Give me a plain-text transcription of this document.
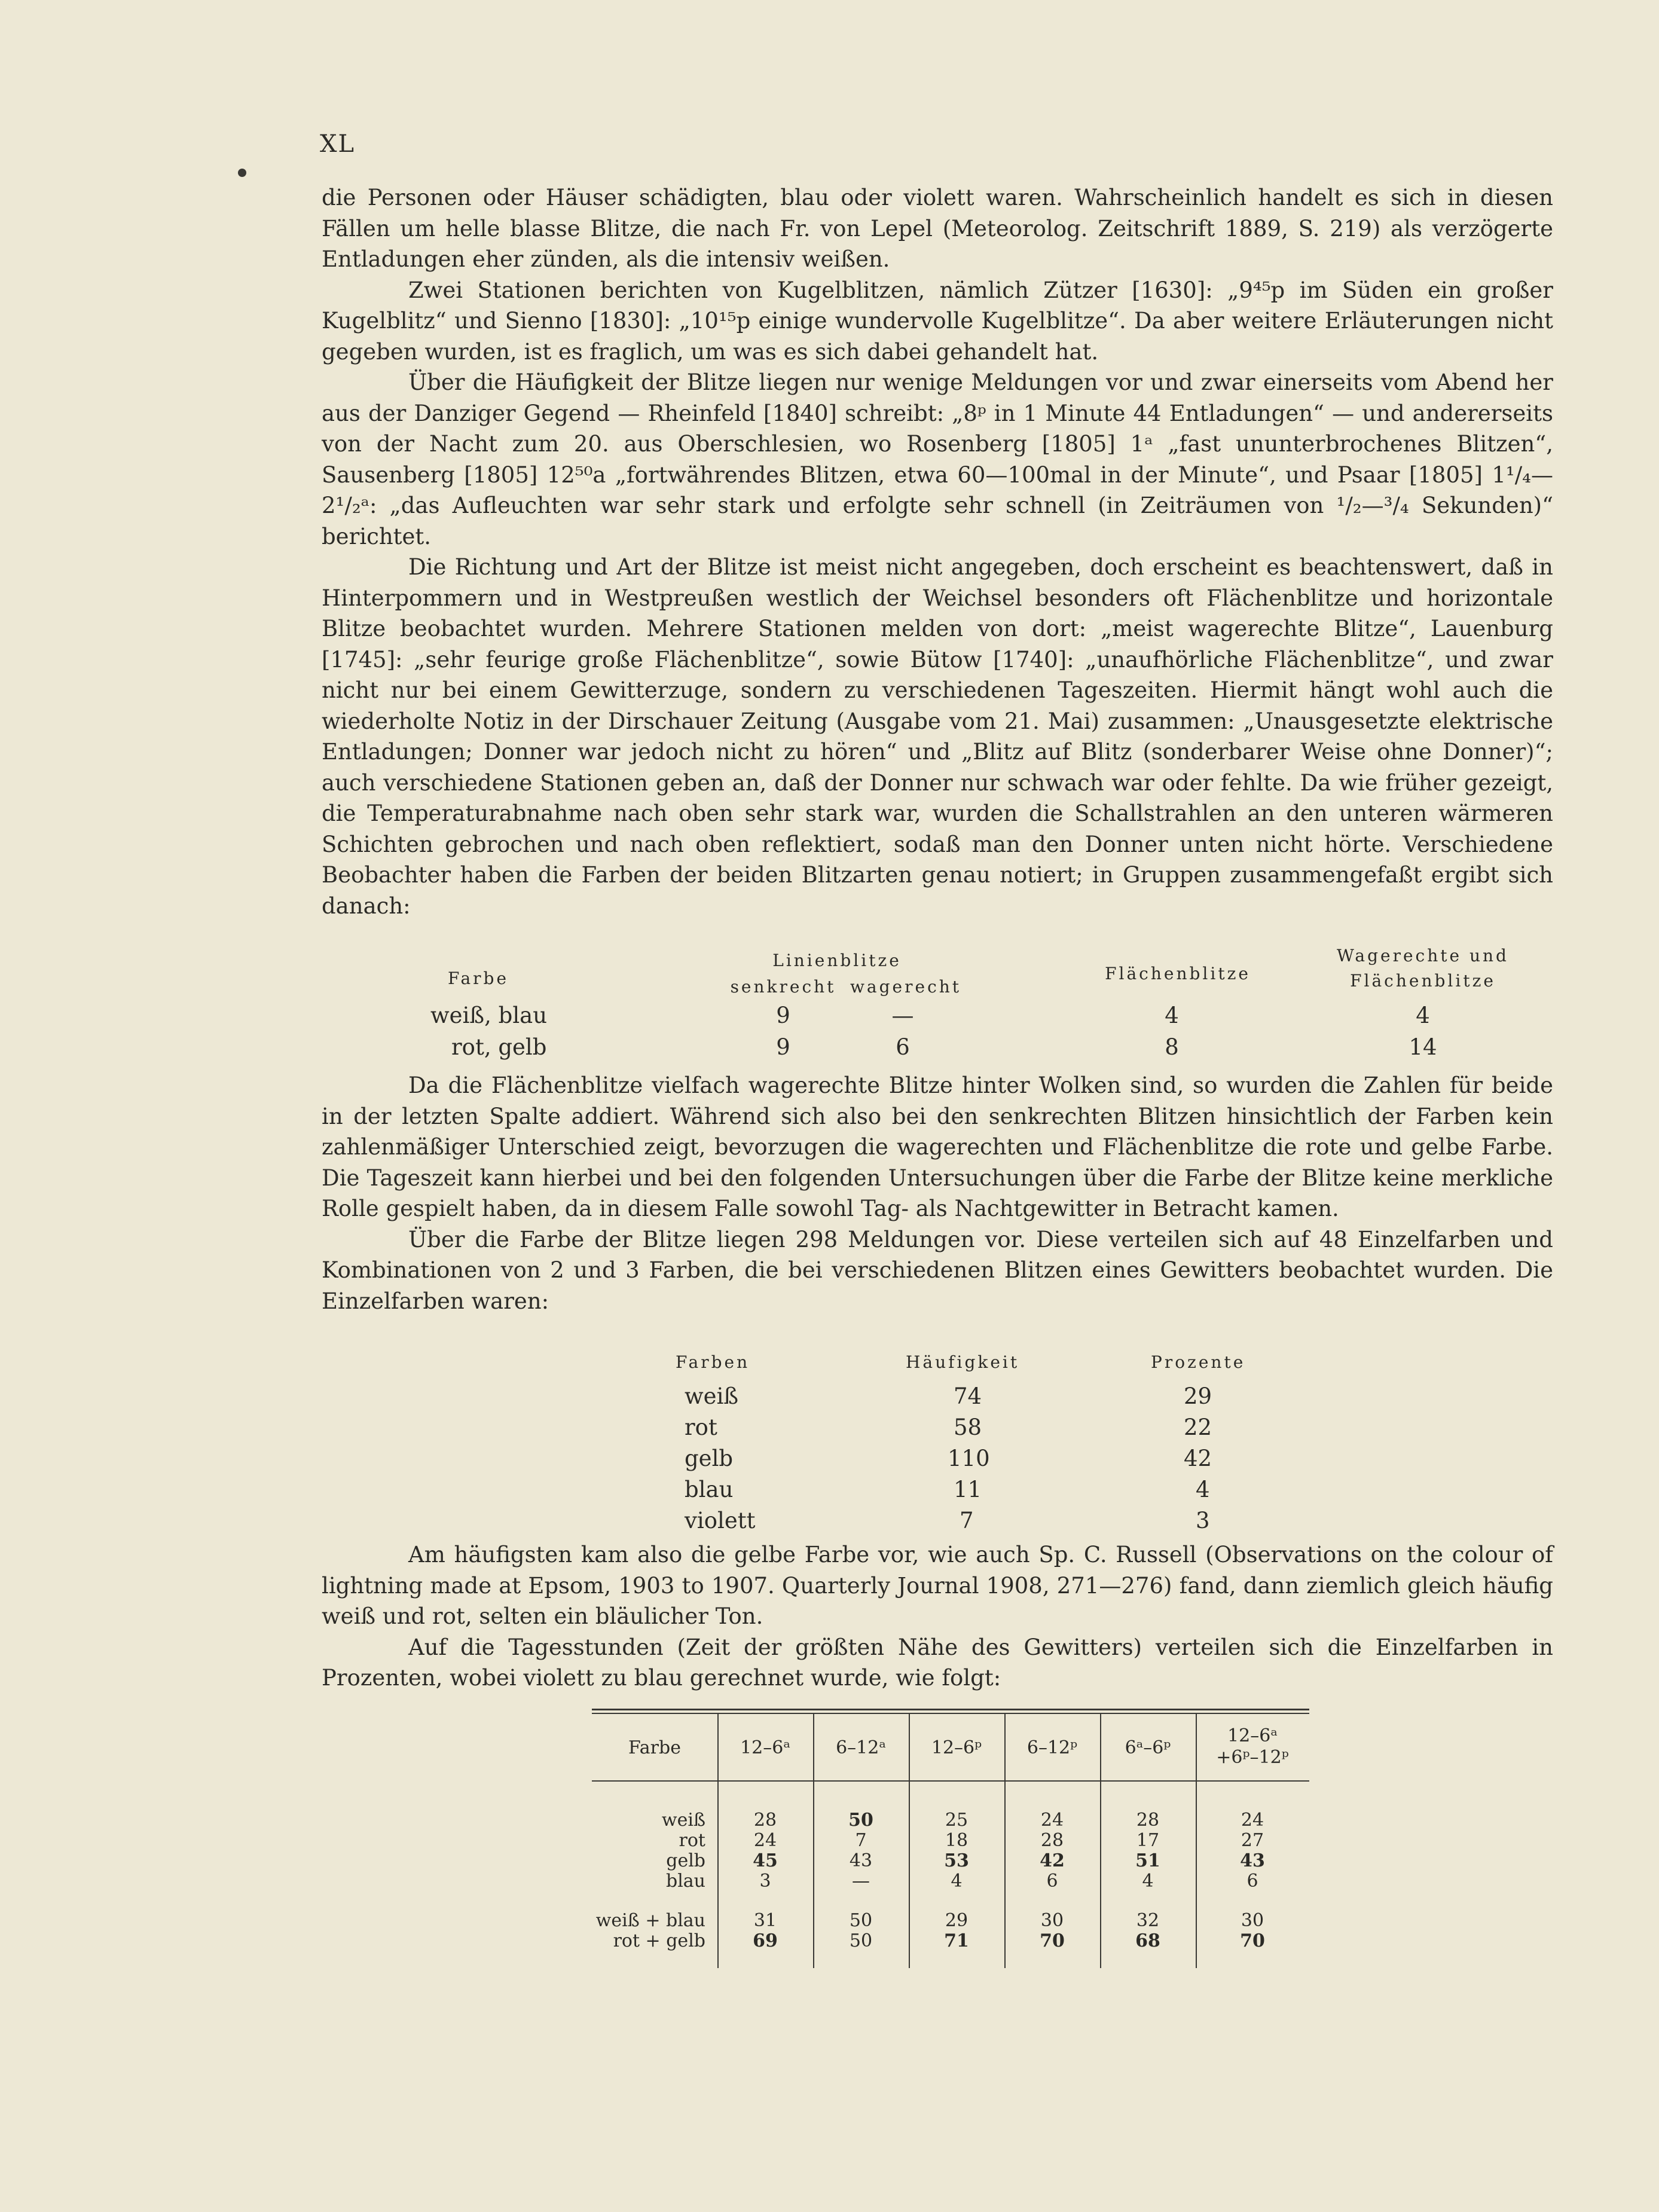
XL

die Personen oder Häuser schädigten, blau oder violett waren. Wahrscheinlich handelt es sich in diesen Fällen um helle blasse Blitze, die nach Fr. von Lepel (Meteorolog. Zeitschrift 1889, S. 219) als verzögerte Entladungen eher zünden, als die intensiv weißen.

Zwei Stationen berichten von Kugelblitzen, nämlich Zützer [1630]: „9⁴⁵p im Süden ein großer Kugelblitz“ und Sienno [1830]: „10¹⁵p einige wundervolle Kugelblitze“. Da aber weitere Erläuterungen nicht gegeben wurden, ist es fraglich, um was es sich dabei gehandelt hat.

Über die Häufigkeit der Blitze liegen nur wenige Meldungen vor und zwar einerseits vom Abend her aus der Danziger Gegend — Rheinfeld [1840] schreibt: „8ᵖ in 1 Minute 44 Entladungen“ — und andererseits von der Nacht zum 20. aus Oberschlesien, wo Rosenberg [1805] 1ᵃ „fast ununterbrochenes Blitzen“, Sausenberg [1805] 12⁵⁰a „fortwährendes Blitzen, etwa 60—100mal in der Minute“, und Psaar [1805] 1¹/₄—2¹/₂ᵃ: „das Aufleuchten war sehr stark und erfolgte sehr schnell (in Zeiträumen von ¹/₂—³/₄ Sekunden)“ berichtet.

Die Richtung und Art der Blitze ist meist nicht angegeben, doch erscheint es beachtenswert, daß in Hinterpommern und in Westpreußen westlich der Weichsel besonders oft Flächenblitze und horizontale Blitze beobachtet wurden. Mehrere Stationen melden von dort: „meist wagerechte Blitze“, Lauenburg [1745]: „sehr feurige große Flächenblitze“, sowie Bütow [1740]: „unaufhörliche Flächenblitze“, und zwar nicht nur bei einem Gewitterzuge, sondern zu verschiedenen Tageszeiten. Hiermit hängt wohl auch die wiederholte Notiz in der Dirschauer Zeitung (Ausgabe vom 21. Mai) zusammen: „Unausgesetzte elektrische Entladungen; Donner war jedoch nicht zu hören“ und „Blitz auf Blitz (sonderbarer Weise ohne Donner)“; auch verschiedene Stationen geben an, daß der Donner nur schwach war oder fehlte. Da wie früher gezeigt, die Temperaturabnahme nach oben sehr stark war, wurden die Schallstrahlen an den unteren wärmeren Schichten gebrochen und nach oben reflektiert, sodaß man den Donner unten nicht hörte. Verschiedene Beobachter haben die Farben der beiden Blitzarten genau notiert; in Gruppen zusammengefaßt ergibt sich danach:

Farbe
Linienblitze
senkrecht wagerecht
Flächenblitze
Wagerechte und
Flächenblitze
weiß, blau	9	—	4	4
rot, gelb	9	6	8	14

Da die Flächenblitze vielfach wagerechte Blitze hinter Wolken sind, so wurden die Zahlen für beide in der letzten Spalte addiert. Während sich also bei den senkrechten Blitzen hinsichtlich der Farben kein zahlenmäßiger Unterschied zeigt, bevorzugen die wagerechten und Flächenblitze die rote und gelbe Farbe. Die Tageszeit kann hierbei und bei den folgenden Untersuchungen über die Farbe der Blitze keine merkliche Rolle gespielt haben, da in diesem Falle sowohl Tag- als Nachtgewitter in Betracht kamen.

Über die Farbe der Blitze liegen 298 Meldungen vor. Diese verteilen sich auf 48 Einzelfarben und Kombinationen von 2 und 3 Farben, die bei verschiedenen Blitzen eines Gewitters beobachtet wurden. Die Einzelfarben waren:

Farben	Häufigkeit	Prozente
weiß	74	29
rot	58	22
gelb	110	42
blau	11	4
violett	7	3

Am häufigsten kam also die gelbe Farbe vor, wie auch Sp. C. Russell (Observations on the colour of lightning made at Epsom, 1903 to 1907. Quarterly Journal 1908, 271—276) fand, dann ziemlich gleich häufig weiß und rot, selten ein bläulicher Ton.

Auf die Tagesstunden (Zeit der größten Nähe des Gewitters) verteilen sich die Einzelfarben in Prozenten, wobei violett zu blau gerechnet wurde, wie folgt:

Farbe	12–6ᵃ	6–12ᵃ	12–6ᵖ	6–12ᵖ	6ᵃ–6ᵖ
12–6ᵃ
+6ᵖ–12ᵖ
weiß	28	50	25	24	28	24
rot	24	7	18	28	17	27
gelb	45	43	53	42	51	43
blau	3	—	4	6	4	6
weiß + blau	31	50	29	30	32	30
rot + gelb	69	50	71	70	68	70
